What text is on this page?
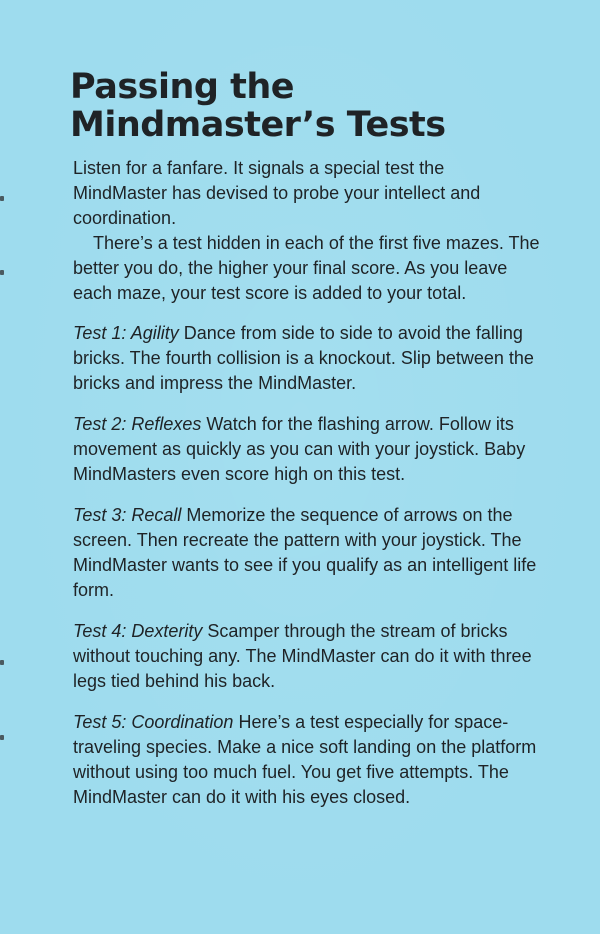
Passing the
Mindmaster’s Tests

Listen for a fanfare. It signals a special test the MindMaster has devised to probe your intellect and coordination.

There’s a test hidden in each of the first five mazes. The better you do, the higher your final score. As you leave each maze, your test score is added to your total.

Test 1: Agility Dance from side to side to avoid the falling bricks. The fourth collision is a knockout. Slip between the bricks and impress the MindMaster.

Test 2: Reflexes Watch for the flashing arrow. Follow its movement as quickly as you can with your joystick. Baby MindMasters even score high on this test.

Test 3: Recall Memorize the sequence of arrows on the screen. Then recreate the pattern with your joystick. The MindMaster wants to see if you qualify as an intelligent life form.

Test 4: Dexterity Scamper through the stream of bricks without touching any. The MindMaster can do it with three legs tied behind his back.

Test 5: Coordination Here’s a test especially for space-traveling species. Make a nice soft landing on the platform without using too much fuel. You get five attempts. The MindMaster can do it with his eyes closed.
